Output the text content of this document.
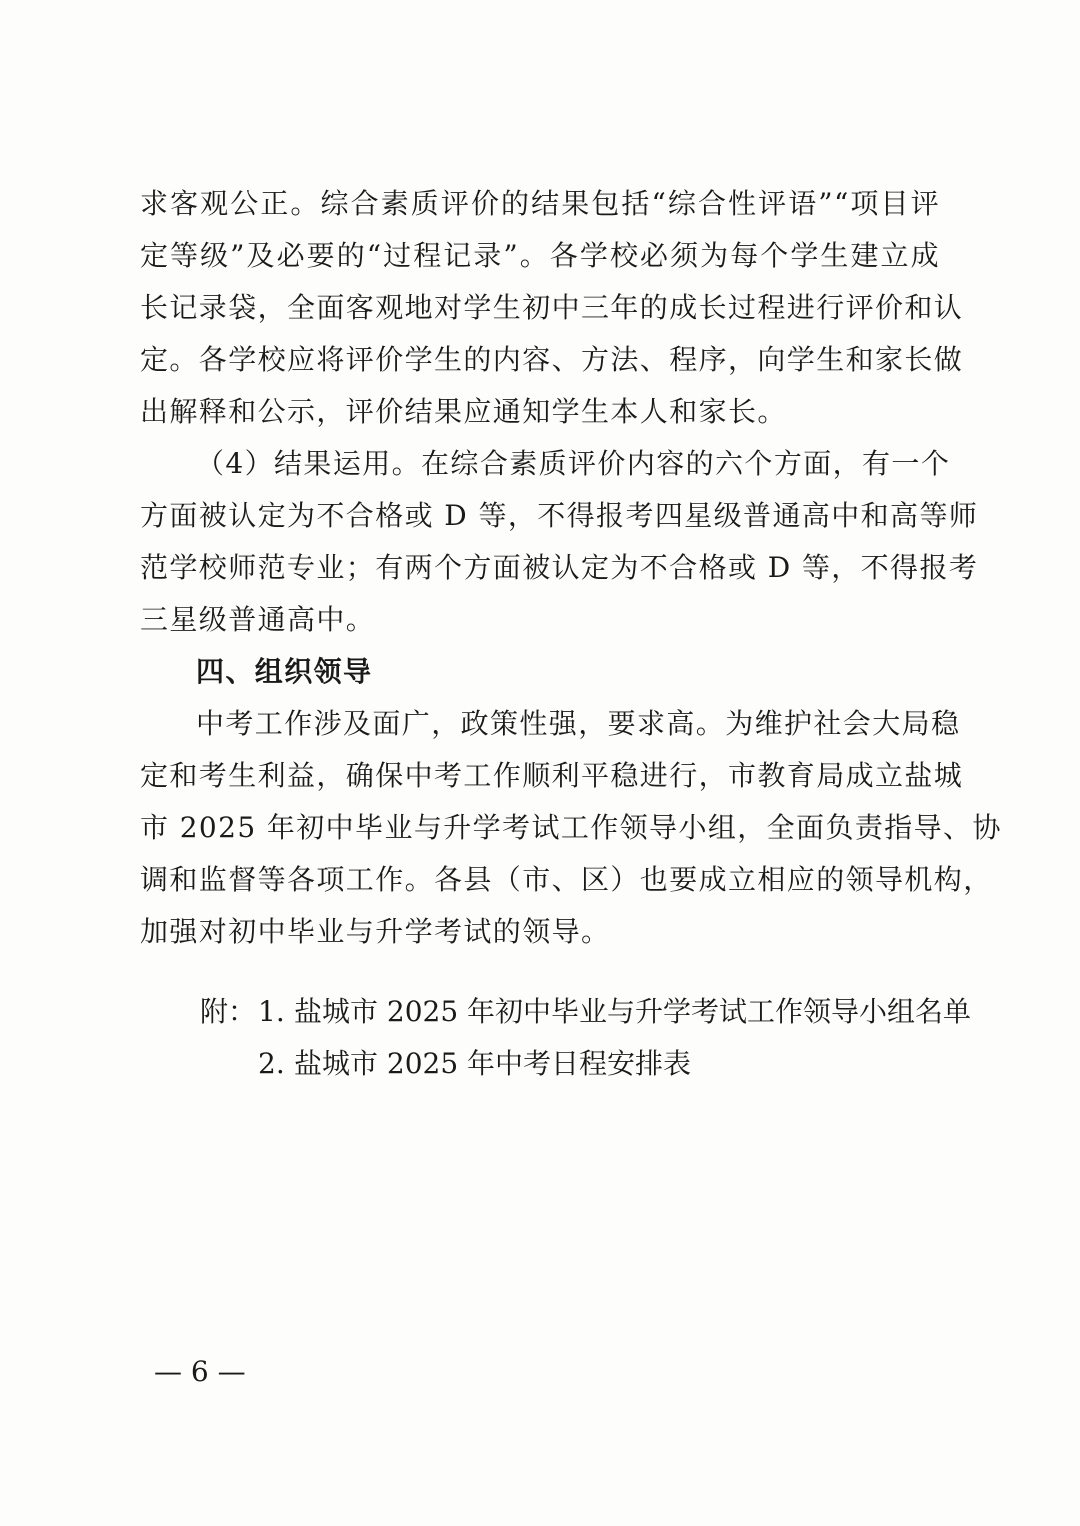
求客观公正。综合素质评价的结果包括“综合性评语”“项目评
定等级”及必要的“过程记录”。各学校必须为每个学生建立成
长记录袋，全面客观地对学生初中三年的成长过程进行评价和认
定。各学校应将评价学生的内容、方法、程序，向学生和家长做
出解释和公示，评价结果应通知学生本人和家长。
（4）结果运用。在综合素质评价内容的六个方面，有一个
方面被认定为不合格或 D 等，不得报考四星级普通高中和高等师
范学校师范专业；有两个方面被认定为不合格或 D 等，不得报考
三星级普通高中。
四、组织领导
中考工作涉及面广，政策性强，要求高。为维护社会大局稳
定和考生利益，确保中考工作顺利平稳进行，市教育局成立盐城
市 2025 年初中毕业与升学考试工作领导小组，全面负责指导、协
调和监督等各项工作。各县（市、区）也要成立相应的领导机构，
加强对初中毕业与升学考试的领导。
附：1. 盐城市 2025 年初中毕业与升学考试工作领导小组名单
2. 盐城市 2025 年中考日程安排表
— 6 —
